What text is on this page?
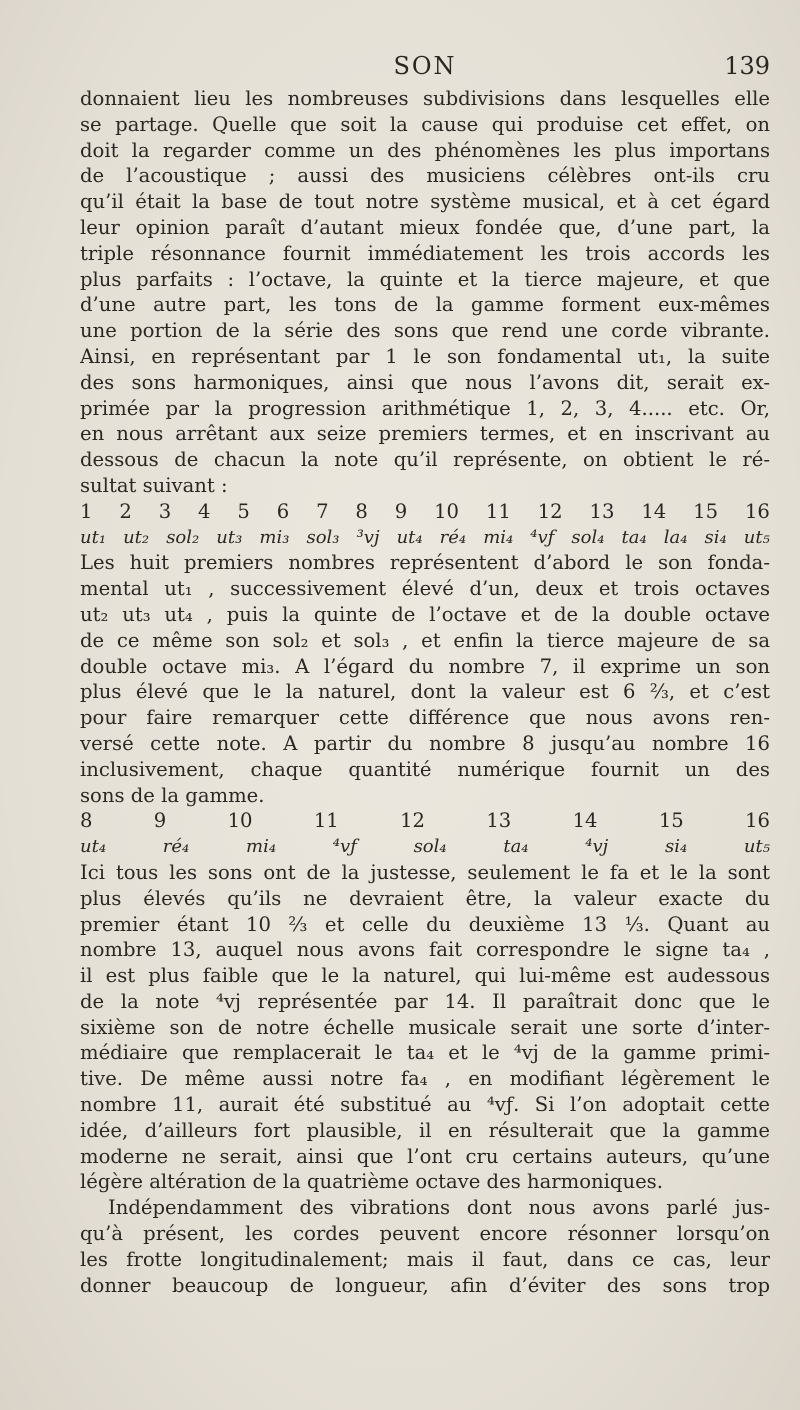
SON	139
donnaient lieu les nombreuses subdivisions dans lesquelles elle
se partage. Quelle que soit la cause qui produise cet effet, on
doit la regarder comme un des phénomènes les plus importans
de l’acoustique ; aussi des musiciens célèbres ont-ils cru
qu’il était la base de tout notre système musical, et à cet égard
leur opinion paraît d’autant mieux fondée que, d’une part, la
triple résonnance fournit immédiatement les trois accords les
plus parfaits : l’octave, la quinte et la tierce majeure, et que
d’une autre part, les tons de la gamme forment eux-mêmes
une portion de la série des sons que rend une corde vibrante.
Ainsi, en représentant par 1 le son fondamental ut₁, la suite
des sons harmoniques, ainsi que nous l’avons dit, serait ex-
primée par la progression arithmétique 1, 2, 3, 4..... etc. Or,
en nous arrêtant aux seize premiers termes, et en inscrivant au
dessous de chacun la note qu’il représente, on obtient le ré-
sultat suivant :
1 2 3 4 5 6 7 8 9 10 11 12 13 14 15 16
ut₁ ut₂ sol₂ ut₃ mi₃ sol₃ ³vj ut₄ ré₄ mi₄ ⁴vƒ sol₄ ta₄ la₄ si₄ ut₅
Les huit premiers nombres représentent d’abord le son fonda-
mental ut₁ , successivement élevé d’un, deux et trois octaves
ut₂ ut₃ ut₄ , puis la quinte de l’octave et de la double octave
de ce même son sol₂ et sol₃ , et enfin la tierce majeure de sa
double octave mi₃. A l’égard du nombre 7, il exprime un son
plus élevé que le la naturel, dont la valeur est 6 ⅔, et c’est
pour faire remarquer cette différence que nous avons ren-
versé cette note. A partir du nombre 8 jusqu’au nombre 16
inclusivement, chaque quantité numérique fournit un des
sons de la gamme.
8	9	10	11	12	13	14	15	16
ut₄	ré₄	mi₄	⁴vƒ	sol₄	ta₄	⁴vj	si₄	ut₅
Ici tous les sons ont de la justesse, seulement le fa et le la sont
plus élevés qu’ils ne devraient être, la valeur exacte du
premier étant 10 ⅔ et celle du deuxième 13 ⅓. Quant au
nombre 13, auquel nous avons fait correspondre le signe ta₄ ,
il est plus faible que le la naturel, qui lui-même est audessous
de la note ⁴vj représentée par 14. Il paraîtrait donc que le
sixième son de notre échelle musicale serait une sorte d’inter-
médiaire que remplacerait le ta₄ et le ⁴vj de la gamme primi-
tive. De même aussi notre fa₄ , en modifiant légèrement le
nombre 11, aurait été substitué au ⁴vƒ. Si l’on adoptait cette
idée, d’ailleurs fort plausible, il en résulterait que la gamme
moderne ne serait, ainsi que l’ont cru certains auteurs, qu’une
légère altération de la quatrième octave des harmoniques.
Indépendamment des vibrations dont nous avons parlé jus-
qu’à présent, les cordes peuvent encore résonner lorsqu’on
les frotte longitudinalement; mais il faut, dans ce cas, leur
donner beaucoup de longueur, afin d’éviter des sons trop
